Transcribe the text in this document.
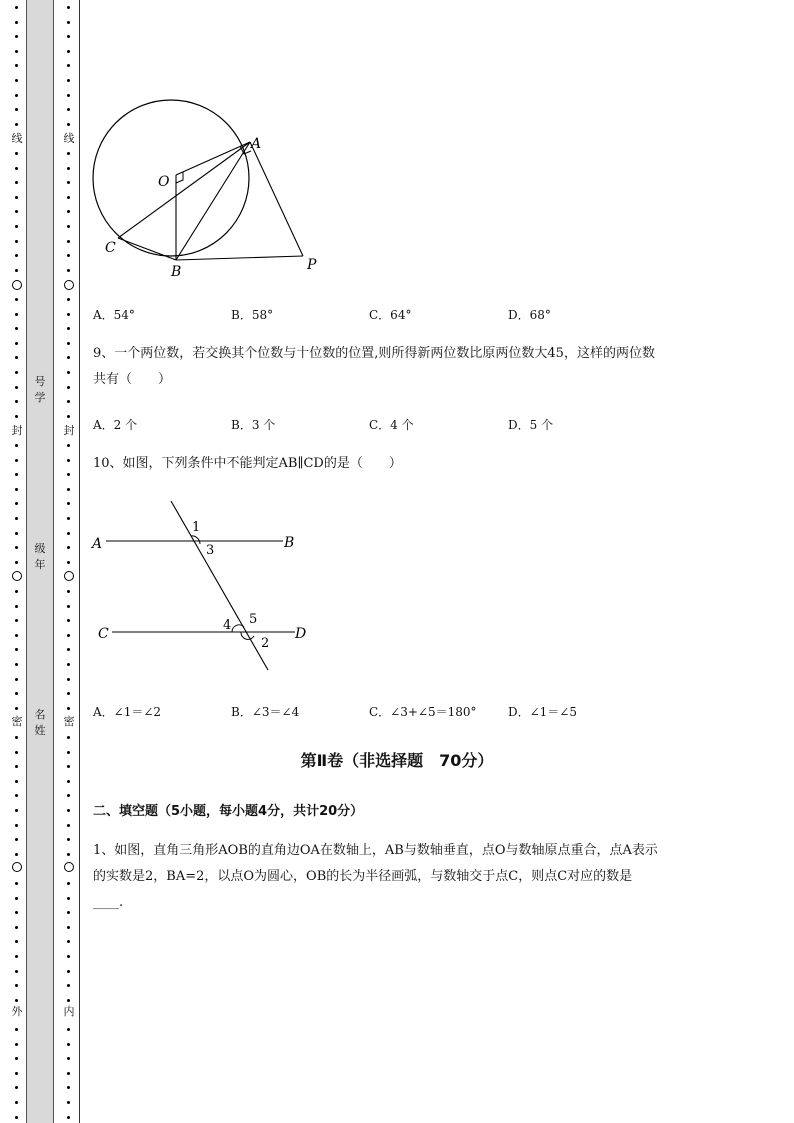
线
封
密
外
线
封
密
内
号学
级年
名姓
A
O
C
B	P
A．54°	B．58°	C．64°	D．68°
9、一个两位数，若交换其个位数与十位数的位置,则所得新两位数比原两位数大45，这样的两位数
共有（　　）
A．2 个	B．3 个	C．4 个	D．5 个
10、如图，下列条件中不能判定AB∥CD的是（　　）
A	B
C	D
1
3
4 5
2
A．∠1＝∠2	B．∠3＝∠4	C．∠3+∠5＝180°	D．∠1＝∠5
第Ⅱ卷（非选择题　70分）
二、填空题（5小题，每小题4分，共计20分）
1、如图，直角三角形AOB的直角边OA在数轴上，AB与数轴垂直，点O与数轴原点重合，点A表示
的实数是2，BA=2，以点O为圆心，OB的长为半径画弧，与数轴交于点C，则点C对应的数是
____.
